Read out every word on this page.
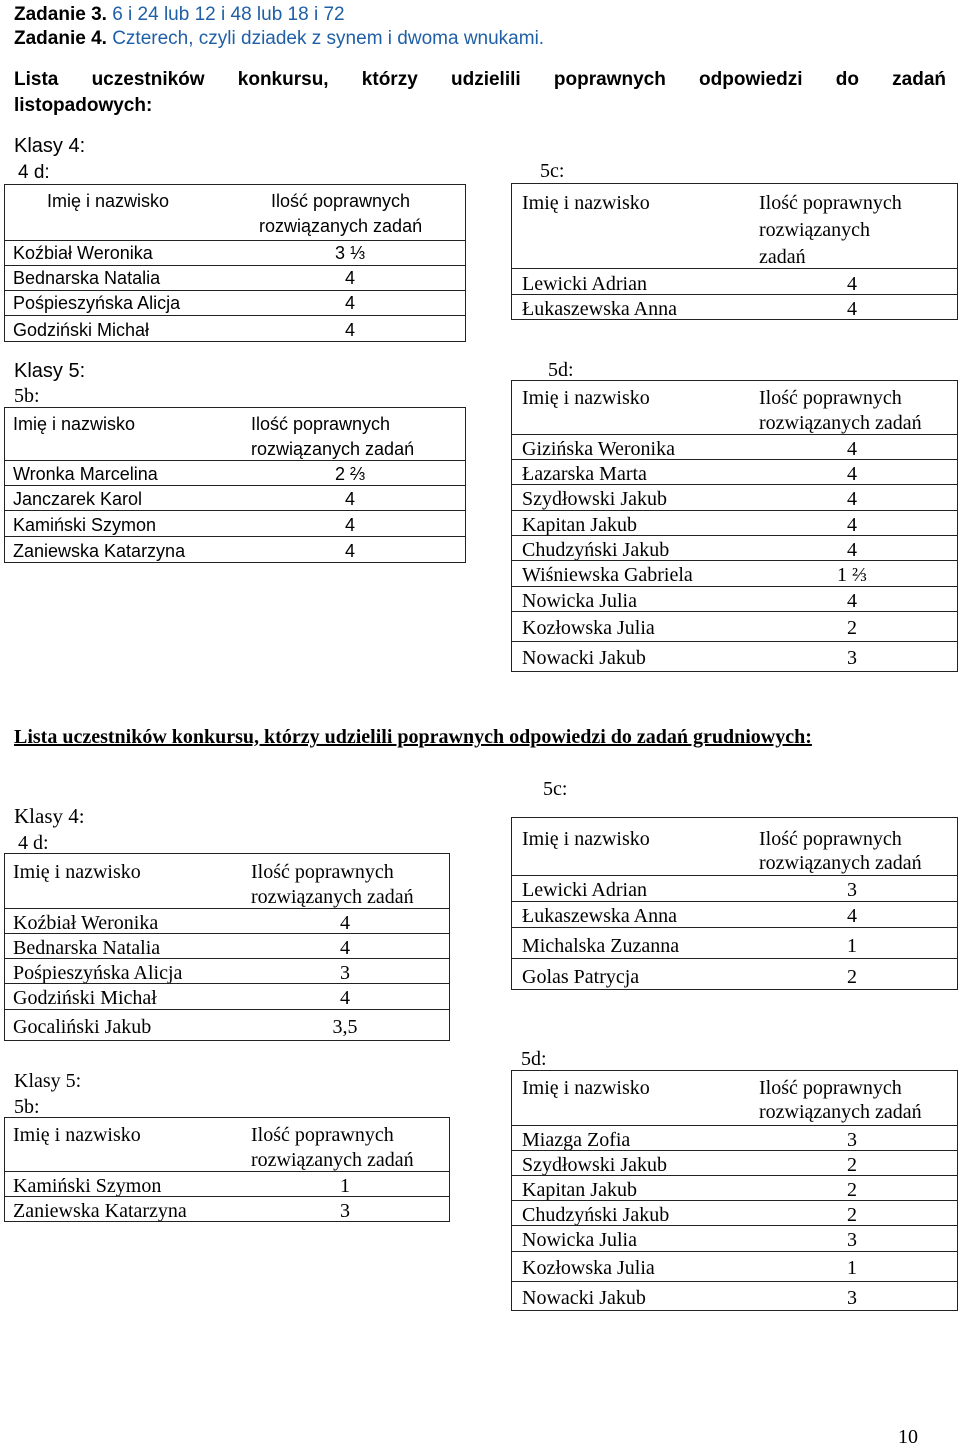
Zadanie 3. 6 i 24 lub 12 i 48 lub 18 i 72
Zadanie 4. Czterech, czyli dziadek z synem i dwoma wnukami.
Lista uczestników konkursu, którzy udzielili poprawnych odpowiedzi do zadań
listopadowych:
Klasy 4:
4 d:
Imię i nazwisko	Ilość poprawnych
rozwiązanych zadań
Koźbiał Weronika	3 ⅓
Bednarska Natalia	4
Pośpieszyńska Alicja	4
Godziński Michał	4
5c:
Imię i nazwisko	Ilość poprawnych
rozwiązanych
zadań
Lewicki Adrian	4
Łukaszewska Anna	4
Klasy 5:
5b:
Imię i nazwisko	Ilość poprawnych
rozwiązanych zadań
Wronka Marcelina	2 ⅔
Janczarek Karol	4
Kamiński Szymon	4
Zaniewska Katarzyna	4
5d:
Imię i nazwisko	Ilość poprawnych
rozwiązanych zadań
Gizińska Weronika	4
Łazarska Marta	4
Szydłowski Jakub	4
Kapitan Jakub	4
Chudzyński Jakub	4
Wiśniewska Gabriela	1 ⅔
Nowicka Julia	4
Kozłowska Julia	2
Nowacki Jakub	3
Lista uczestników konkursu, którzy udzielili poprawnych odpowiedzi do zadań grudniowych:
5c:
Klasy 4:
4 d:
Imię i nazwisko	Ilość poprawnych
rozwiązanych zadań
Koźbiał Weronika	4
Bednarska Natalia	4
Pośpieszyńska Alicja	3
Godziński Michał	4
Gocaliński Jakub	3,5
Imię i nazwisko	Ilość poprawnych
rozwiązanych zadań
Lewicki Adrian	3
Łukaszewska Anna	4
Michalska Zuzanna	1
Golas Patrycja	2
Klasy 5:
5b:
Imię i nazwisko	Ilość poprawnych
rozwiązanych zadań
Kamiński Szymon	1
Zaniewska Katarzyna	3
5d:
Imię i nazwisko	Ilość poprawnych
rozwiązanych zadań
Miazga Zofia	3
Szydłowski Jakub	2
Kapitan Jakub	2
Chudzyński Jakub	2
Nowicka Julia	3
Kozłowska Julia	1
Nowacki Jakub	3
10
